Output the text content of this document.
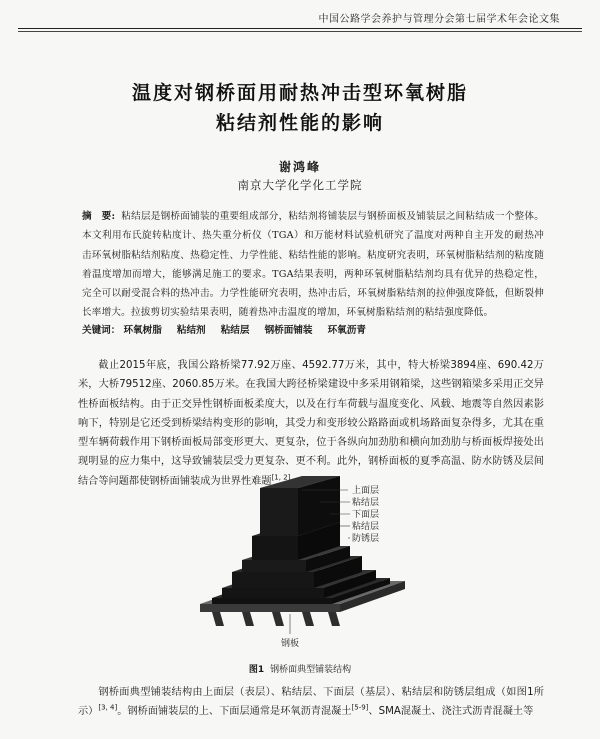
中国公路学会养护与管理分会第七届学术年会论文集
温度对钢桥面用耐热冲击型环氧树脂
粘结剂性能的影响
谢鸿峰
南京大学化学化工学院
摘　要: 粘结层是钢桥面铺装的重要组成部分，粘结剂将铺装层与钢桥面板及铺装层之间粘结成一个整体。本文利用布氏旋转粘度计、热失重分析仪（TGA）和万能材料试验机研究了温度对两种自主开发的耐热冲击环氧树脂粘结剂粘度、热稳定性、力学性能、粘结性能的影响。粘度研究表明，环氧树脂粘结剂的粘度随着温度增加而增大，能够满足施工的要求。TGA结果表明，两种环氧树脂粘结剂均具有优异的热稳定性，完全可以耐受混合料的热冲击。力学性能研究表明，热冲击后，环氧树脂粘结剂的拉伸强度降低，但断裂伸长率增大。拉拔剪切实验结果表明，随着热冲击温度的增加，环氧树脂粘结剂的粘结强度降低。
关键词： 环氧树脂 粘结剂 粘结层 钢桥面铺装 环氧沥青
截止2015年底，我国公路桥梁77.92万座、4592.77万米，其中，特大桥梁3894座、690.42万米，大桥79512座、2060.85万米。在我国大跨径桥梁建设中多采用钢箱梁，这些钢箱梁多采用正交异性桥面板结构。由于正交异性钢桥面板柔度大，以及在行车荷载与温度变化、风载、地震等自然因素影响下，特别是它还受到桥梁结构变形的影响，其受力和变形较公路路面或机场路面复杂得多，尤其在重型车辆荷载作用下钢桥面板局部变形更大、更复杂，位于各纵向加劲肋和横向加劲肋与桥面板焊接处出现明显的应力集中，这导致铺装层受力更复杂、更不利。此外，钢桥面板的夏季高温、防水防锈及层间结合等问题都使钢桥面铺装成为世界性难题[1, 2]
上面层
粘结层
下面层
粘结层
防锈层
钢板
图1 钢桥面典型铺装结构
钢桥面典型铺装结构由上面层（表层）、粘结层、下面层（基层）、粘结层和防锈层组成（如图1所示）[3, 4]。钢桥面铺装层的上、下面层通常是环氧沥青混凝土[5-9]、SMA混凝土、浇注式沥青混凝土等
